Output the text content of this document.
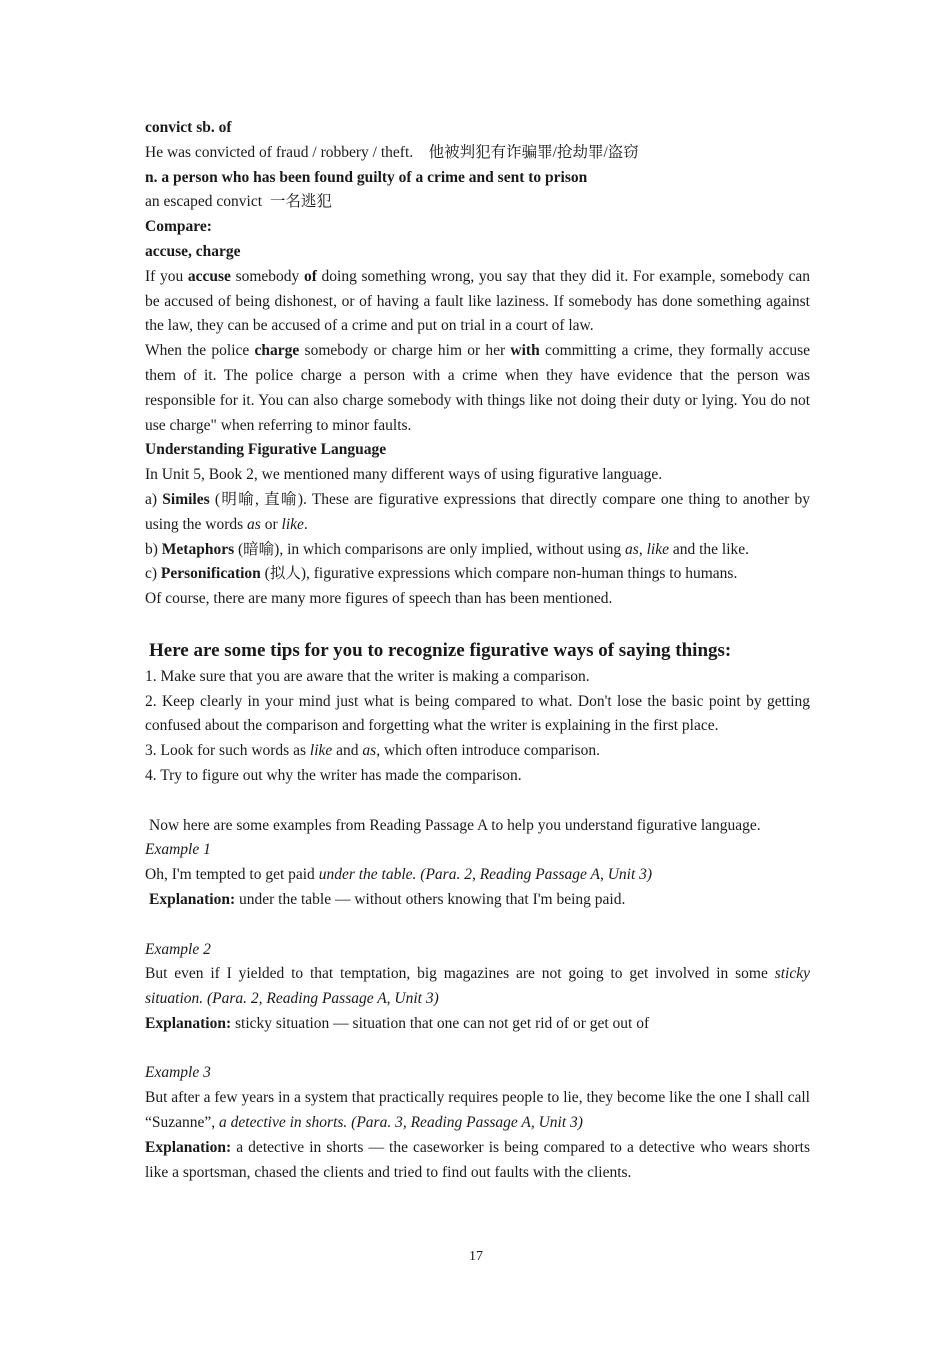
convict sb. of

He was convicted of fraud / robbery / theft. 他被判犯有诈骗罪/抢劫罪/盗窃

n. a person who has been found guilty of a crime and sent to prison

an escaped convict 一名逃犯

Compare:

accuse, charge

If you accuse somebody of doing something wrong, you say that they did it. For example, somebody can be accused of being dishonest, or of having a fault like laziness. If somebody has done something against the law, they can be accused of a crime and put on trial in a court of law.

When the police charge somebody or charge him or her with committing a crime, they formally accuse them of it. The police charge a person with a crime when they have evidence that the person was responsible for it. You can also charge somebody with things like not doing their duty or lying. You do not use charge" when referring to minor faults.

Understanding Figurative Language

In Unit 5, Book 2, we mentioned many different ways of using figurative language.

a) Similes (明喻, 直喻). These are figurative expressions that directly compare one thing to another by using the words as or like.

b) Metaphors (暗喻), in which comparisons are only implied, without using as, like and the like.

c) Personification (拟人), figurative expressions which compare non-human things to humans.

Of course, there are many more figures of speech than has been mentioned.

Here are some tips for you to recognize figurative ways of saying things:

1. Make sure that you are aware that the writer is making a comparison.

2. Keep clearly in your mind just what is being compared to what. Don't lose the basic point by getting confused about the comparison and forgetting what the writer is explaining in the first place.

3. Look for such words as like and as, which often introduce comparison.

4. Try to figure out why the writer has made the comparison.

Now here are some examples from Reading Passage A to help you understand figurative language.

Example 1

Oh, I'm tempted to get paid under the table. (Para. 2, Reading Passage A, Unit 3)

Explanation: under the table — without others knowing that I'm being paid.

Example 2

But even if I yielded to that temptation, big magazines are not going to get involved in some sticky situation. (Para. 2, Reading Passage A, Unit 3)

Explanation: sticky situation — situation that one can not get rid of or get out of

Example 3

But after a few years in a system that practically requires people to lie, they become like the one I shall call “Suzanne”, a detective in shorts. (Para. 3, Reading Passage A, Unit 3)

Explanation: a detective in shorts — the caseworker is being compared to a detective who wears shorts like a sportsman, chased the clients and tried to find out faults with the clients.

17
